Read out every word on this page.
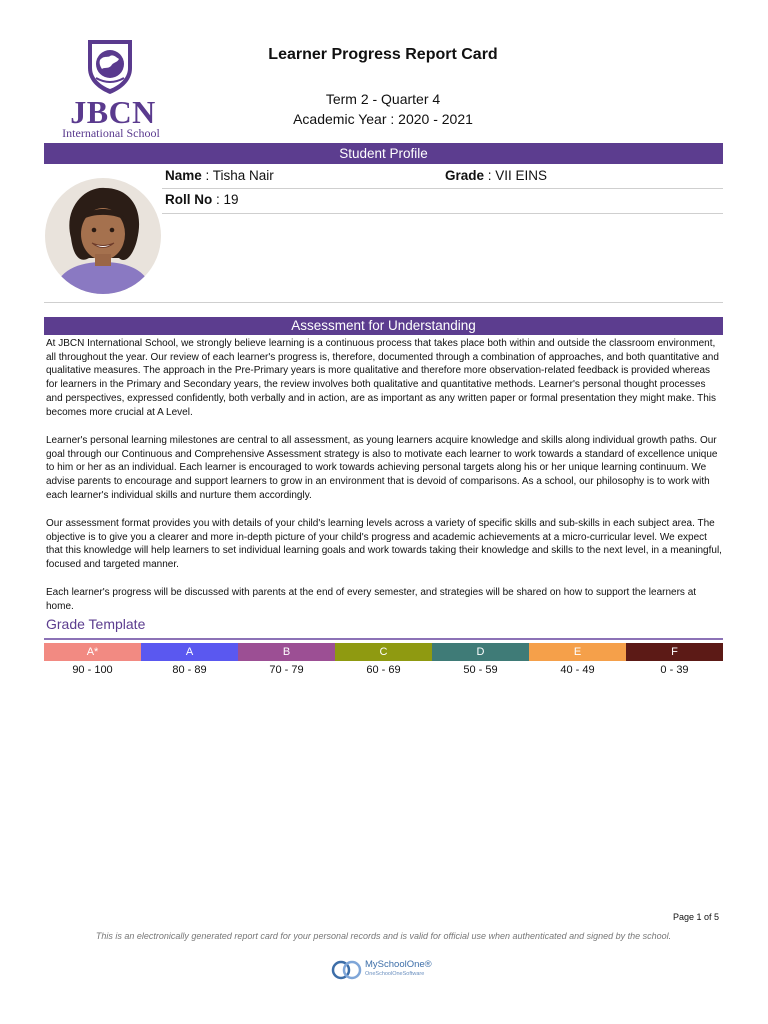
JBCN
International School
Learner Progress Report Card
Term 2 - Quarter 4
Academic Year : 2020 - 2021
Student Profile
Name : Tisha Nair	Grade : VII EINS
Roll No : 19
Assessment for Understanding

At JBCN International School, we strongly believe learning is a continuous process that takes place both within and outside the classroom environment, all throughout the year. Our review of each learner's progress is, therefore, documented through a combination of approaches, and both quantitative and qualitative measures. The approach in the Pre-Primary years is more qualitative and therefore more observation-related feedback is provided whereas for learners in the Primary and Secondary years, the review involves both qualitative and quantitative methods. Learner's personal thought processes and perspectives, expressed confidently, both verbally and in action, are as important as any written paper or formal presentation they might make. This becomes more crucial at A Level.

Learner's personal learning milestones are central to all assessment, as young learners acquire knowledge and skills along individual growth paths. Our goal through our Continuous and Comprehensive Assessment strategy is also to motivate each learner to work towards a standard of excellence unique to him or her as an individual. Each learner is encouraged to work towards achieving personal targets along his or her unique learning continuum. We advise parents to encourage and support learners to grow in an environment that is devoid of comparisons. As a school, our philosophy is to work with each learner's individual skills and nurture them accordingly.

Our assessment format provides you with details of your child's learning levels across a variety of specific skills and sub-skills in each subject area. The objective is to give you a clearer and more in-depth picture of your child's progress and academic achievements at a micro-curricular level. We expect that this knowledge will help learners to set individual learning goals and work towards taking their knowledge and skills to the next level, in a meaningful, focused and targeted manner.

Each learner's progress will be discussed with parents at the end of every semester, and strategies will be shared on how to support the learners at home.

Grade Template
A*
90 - 100
A
80 - 89
B
70 - 79
C
60 - 69
D
50 - 59
E
40 - 49
F
0 - 39
Page 1 of 5
This is an electronically generated report card for your personal records and is valid for official use when authenticated and signed by the school.
MySchoolOne®
OneSchoolOneSoftware
